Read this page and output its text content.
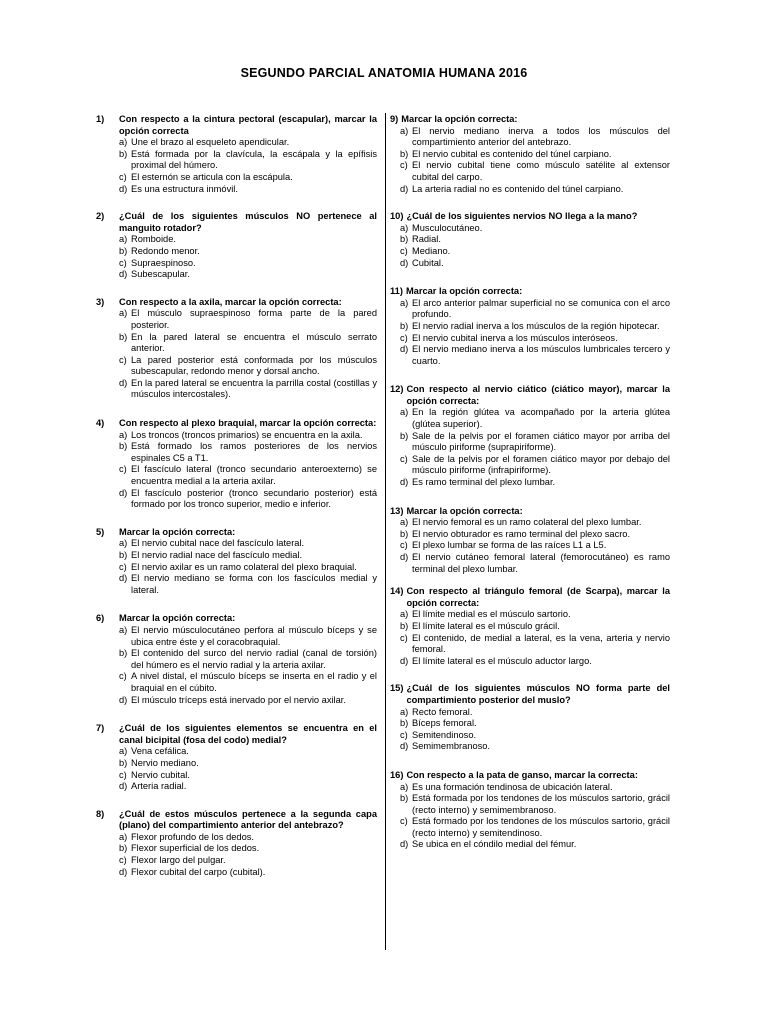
SEGUNDO PARCIAL ANATOMIA HUMANA 2016
1)	Con respecto a la cintura pectoral (escapular), marcar la opción correcta
a) Une el brazo al esqueleto apendicular.
b) Está formada por la clavícula, la escápala y la epífisis proximal del húmero.
c) El esternón se articula con la escápula.
d) Es una estructura inmóvil.
2)	¿Cuál de los siguientes músculos NO pertenece al manguito rotador?
a) Romboide.
b) Redondo menor.
c) Supraespinoso.
d) Subescapular.
3)	Con respecto a la axila, marcar la opción correcta:
a) El músculo supraespinoso forma parte de la pared posterior.
b) En la pared lateral se encuentra el músculo serrato anterior.
c) La pared posterior está conformada por los músculos subescapular, redondo menor y dorsal ancho.
d) En la pared lateral se encuentra la parrilla costal (costillas y músculos intercostales).
4)	Con respecto al plexo braquial, marcar la opción correcta:
a) Los troncos (troncos primarios) se encuentra en la axila.
b) Está formado los ramos posteriores de los nervios espinales C5 a T1.
c) El fascículo lateral (tronco secundario anteroexterno) se encuentra medial a la arteria axilar.
d) El fascículo posterior (tronco secundario posterior) está formado por los tronco superior, medio e inferior.
5)	Marcar la opción correcta:
a) El nervio cubital nace del fascículo lateral.
b) El nervio radial nace del fascículo medial.
c) El nervio axilar es un ramo colateral del plexo braquial.
d) El nervio mediano se forma con los fascículos medial y lateral.
6)	Marcar la opción correcta:
a) El nervio músculocutáneo perfora al músculo bíceps y se ubica entre éste y el coracobraquial.
b) El contenido del surco del nervio radial (canal de torsión) del húmero es el nervio radial y la arteria axilar.
c) A nivel distal, el músculo bíceps se inserta en el radio y el braquial en el cúbito.
d) El músculo tríceps está inervado por el nervio axilar.
7)	¿Cuál de los siguientes elementos se encuentra en el canal bicipital (fosa del codo) medial?
a) Vena cefálica.
b) Nervio mediano.
c) Nervio cubital.
d) Arteria radial.
8)	¿Cuál de estos músculos pertenece a la segunda capa (plano) del compartimiento anterior del antebrazo?
a) Flexor profundo de los dedos.
b) Flexor superficial de los dedos.
c) Flexor largo del pulgar.
d) Flexor cubital del carpo (cubital).
9) Marcar la opción correcta:
a) El nervio mediano inerva a todos los músculos del compartimiento anterior del antebrazo.
b) El nervio cubital es contenido del túnel carpiano.
c) El nervio cubital tiene como músculo satélite al extensor cubital del carpo.
d) La arteria radial no es contenido del túnel carpiano.
10) ¿Cuál de los siguientes nervios NO llega a la mano?
a) Musculocutáneo.
b) Radial.
c) Mediano.
d) Cubital.
11) Marcar la opción correcta:
a) El arco anterior palmar superficial no se comunica con el arco profundo.
b) El nervio radial inerva a los músculos de la región hipotecar.
c) El nervio cubital inerva a los músculos interóseos.
d) El nervio mediano inerva a los músculos lumbricales tercero y cuarto.
12) Con respecto al nervio ciático (ciático mayor), marcar la opción correcta:
a) En la región glútea va acompañado por la arteria glútea (glútea superior).
b) Sale de la pelvis por el foramen ciático mayor por arriba del músculo piriforme (suprapiriforme).
c) Sale de la pelvis por el foramen ciático mayor por debajo del músculo piriforme (infrapiriforme).
d) Es ramo terminal del plexo lumbar.
13) Marcar la opción correcta:
a) El nervio femoral es un ramo colateral del plexo lumbar.
b) El nervio obturador es ramo terminal del plexo sacro.
c) El plexo lumbar se forma de las raíces L1 a L5.
d) El nervio cutáneo femoral lateral (femorocutáneo) es ramo terminal del plexo lumbar.
14) Con respecto al triángulo femoral (de Scarpa), marcar la opción correcta:
a) El límite medial es el músculo sartorio.
b) El límite lateral es el músculo grácil.
c) El contenido, de medial a lateral, es la vena, arteria y nervio femoral.
d) El límite lateral es el músculo aductor largo.
15) ¿Cuál de los siguientes músculos NO forma parte del compartimiento posterior del muslo?
a) Recto femoral.
b) Bíceps femoral.
c) Semitendinoso.
d) Semimembranoso.
16) Con respecto a la pata de ganso, marcar la correcta:
a) Es una formación tendinosa de ubicación lateral.
b) Está formada por los tendones de los músculos sartorio, grácil (recto interno) y semimembranoso.
c) Está formado por los tendones de los músculos sartorio, grácil (recto interno) y semitendinoso.
d) Se ubica en el cóndilo medial del fémur.
